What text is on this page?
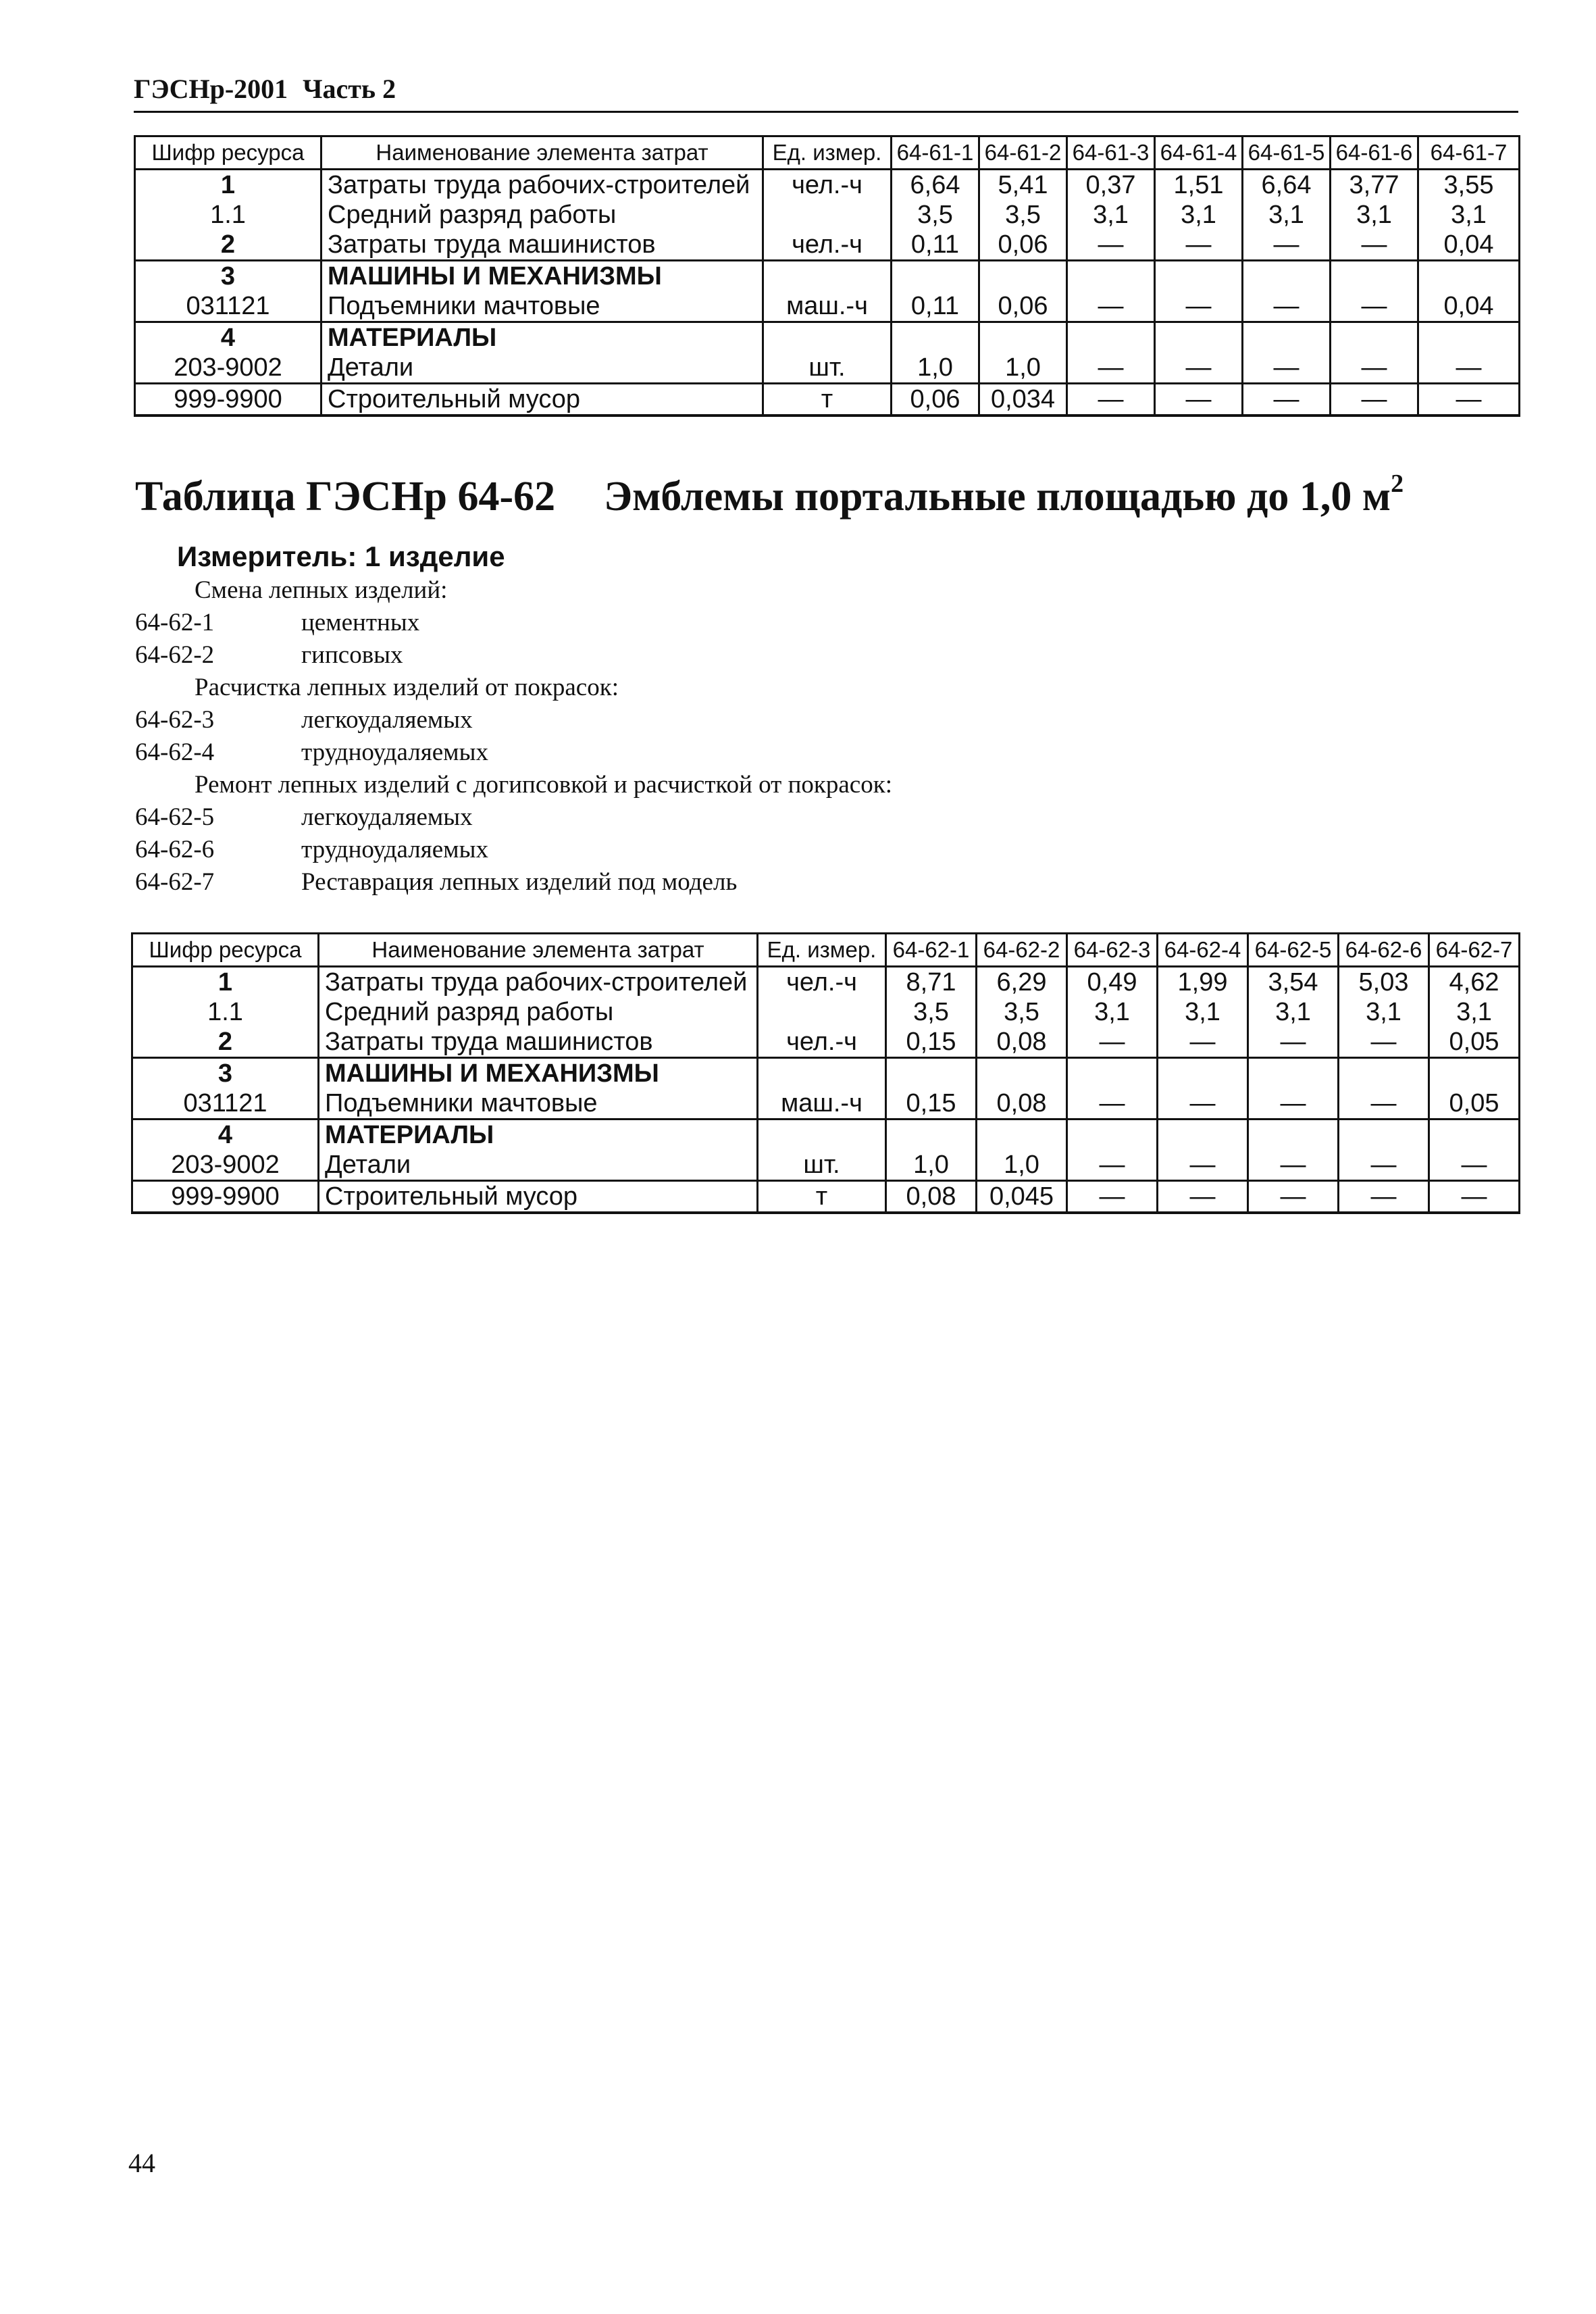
ГЭСНр-2001 Часть 2
Шифр ресурса	Наименование элемента затрат	Ед. измер.	64-61-1	64-61-2	64-61-3	64-61-4	64-61-5	64-61-6	64-61-7
1	Затраты труда рабочих-строителей	чел.-ч	6,64	5,41	0,37	1,51	6,64	3,77	3,55
1.1	Средний разряд работы		3,5	3,5	3,1	3,1	3,1	3,1	3,1
2	Затраты труда машинистов	чел.-ч	0,11	0,06	—	—	—	—	0,04
3	МАШИНЫ И МЕХАНИЗМЫ								
031121	Подъемники мачтовые	маш.-ч	0,11	0,06	—	—	—	—	0,04
4	МАТЕРИАЛЫ								
203-9002	Детали	шт.	1,0	1,0	—	—	—	—	—
999-9900	Строительный мусор	т	0,06	0,034	—	—	—	—	—
Таблица ГЭСНр 64-62 Эмблемы портальные площадью до 1,0 $м^2$
Измеритель: 1 изделие
Смена лепных изделий:
64-62-1	цементных
64-62-2	гипсовых
Расчистка лепных изделий от покрасок:
64-62-3	легкоудаляемых
64-62-4	трудноудаляемых
Ремонт лепных изделий с догипсовкой и расчисткой от покрасок:
64-62-5	легкоудаляемых
64-62-6	трудноудаляемых
64-62-7	Реставрация лепных изделий под модель
Шифр ресурса	Наименование элемента затрат	Ед. измер.	64-62-1	64-62-2	64-62-3	64-62-4	64-62-5	64-62-6	64-62-7
1	Затраты труда рабочих-строителей	чел.-ч	8,71	6,29	0,49	1,99	3,54	5,03	4,62
1.1	Средний разряд работы		3,5	3,5	3,1	3,1	3,1	3,1	3,1
2	Затраты труда машинистов	чел.-ч	0,15	0,08	—	—	—	—	0,05
3	МАШИНЫ И МЕХАНИЗМЫ								
031121	Подъемники мачтовые	маш.-ч	0,15	0,08	—	—	—	—	0,05
4	МАТЕРИАЛЫ								
203-9002	Детали	шт.	1,0	1,0	—	—	—	—	—
999-9900	Строительный мусор	т	0,08	0,045	—	—	—	—	—
44
